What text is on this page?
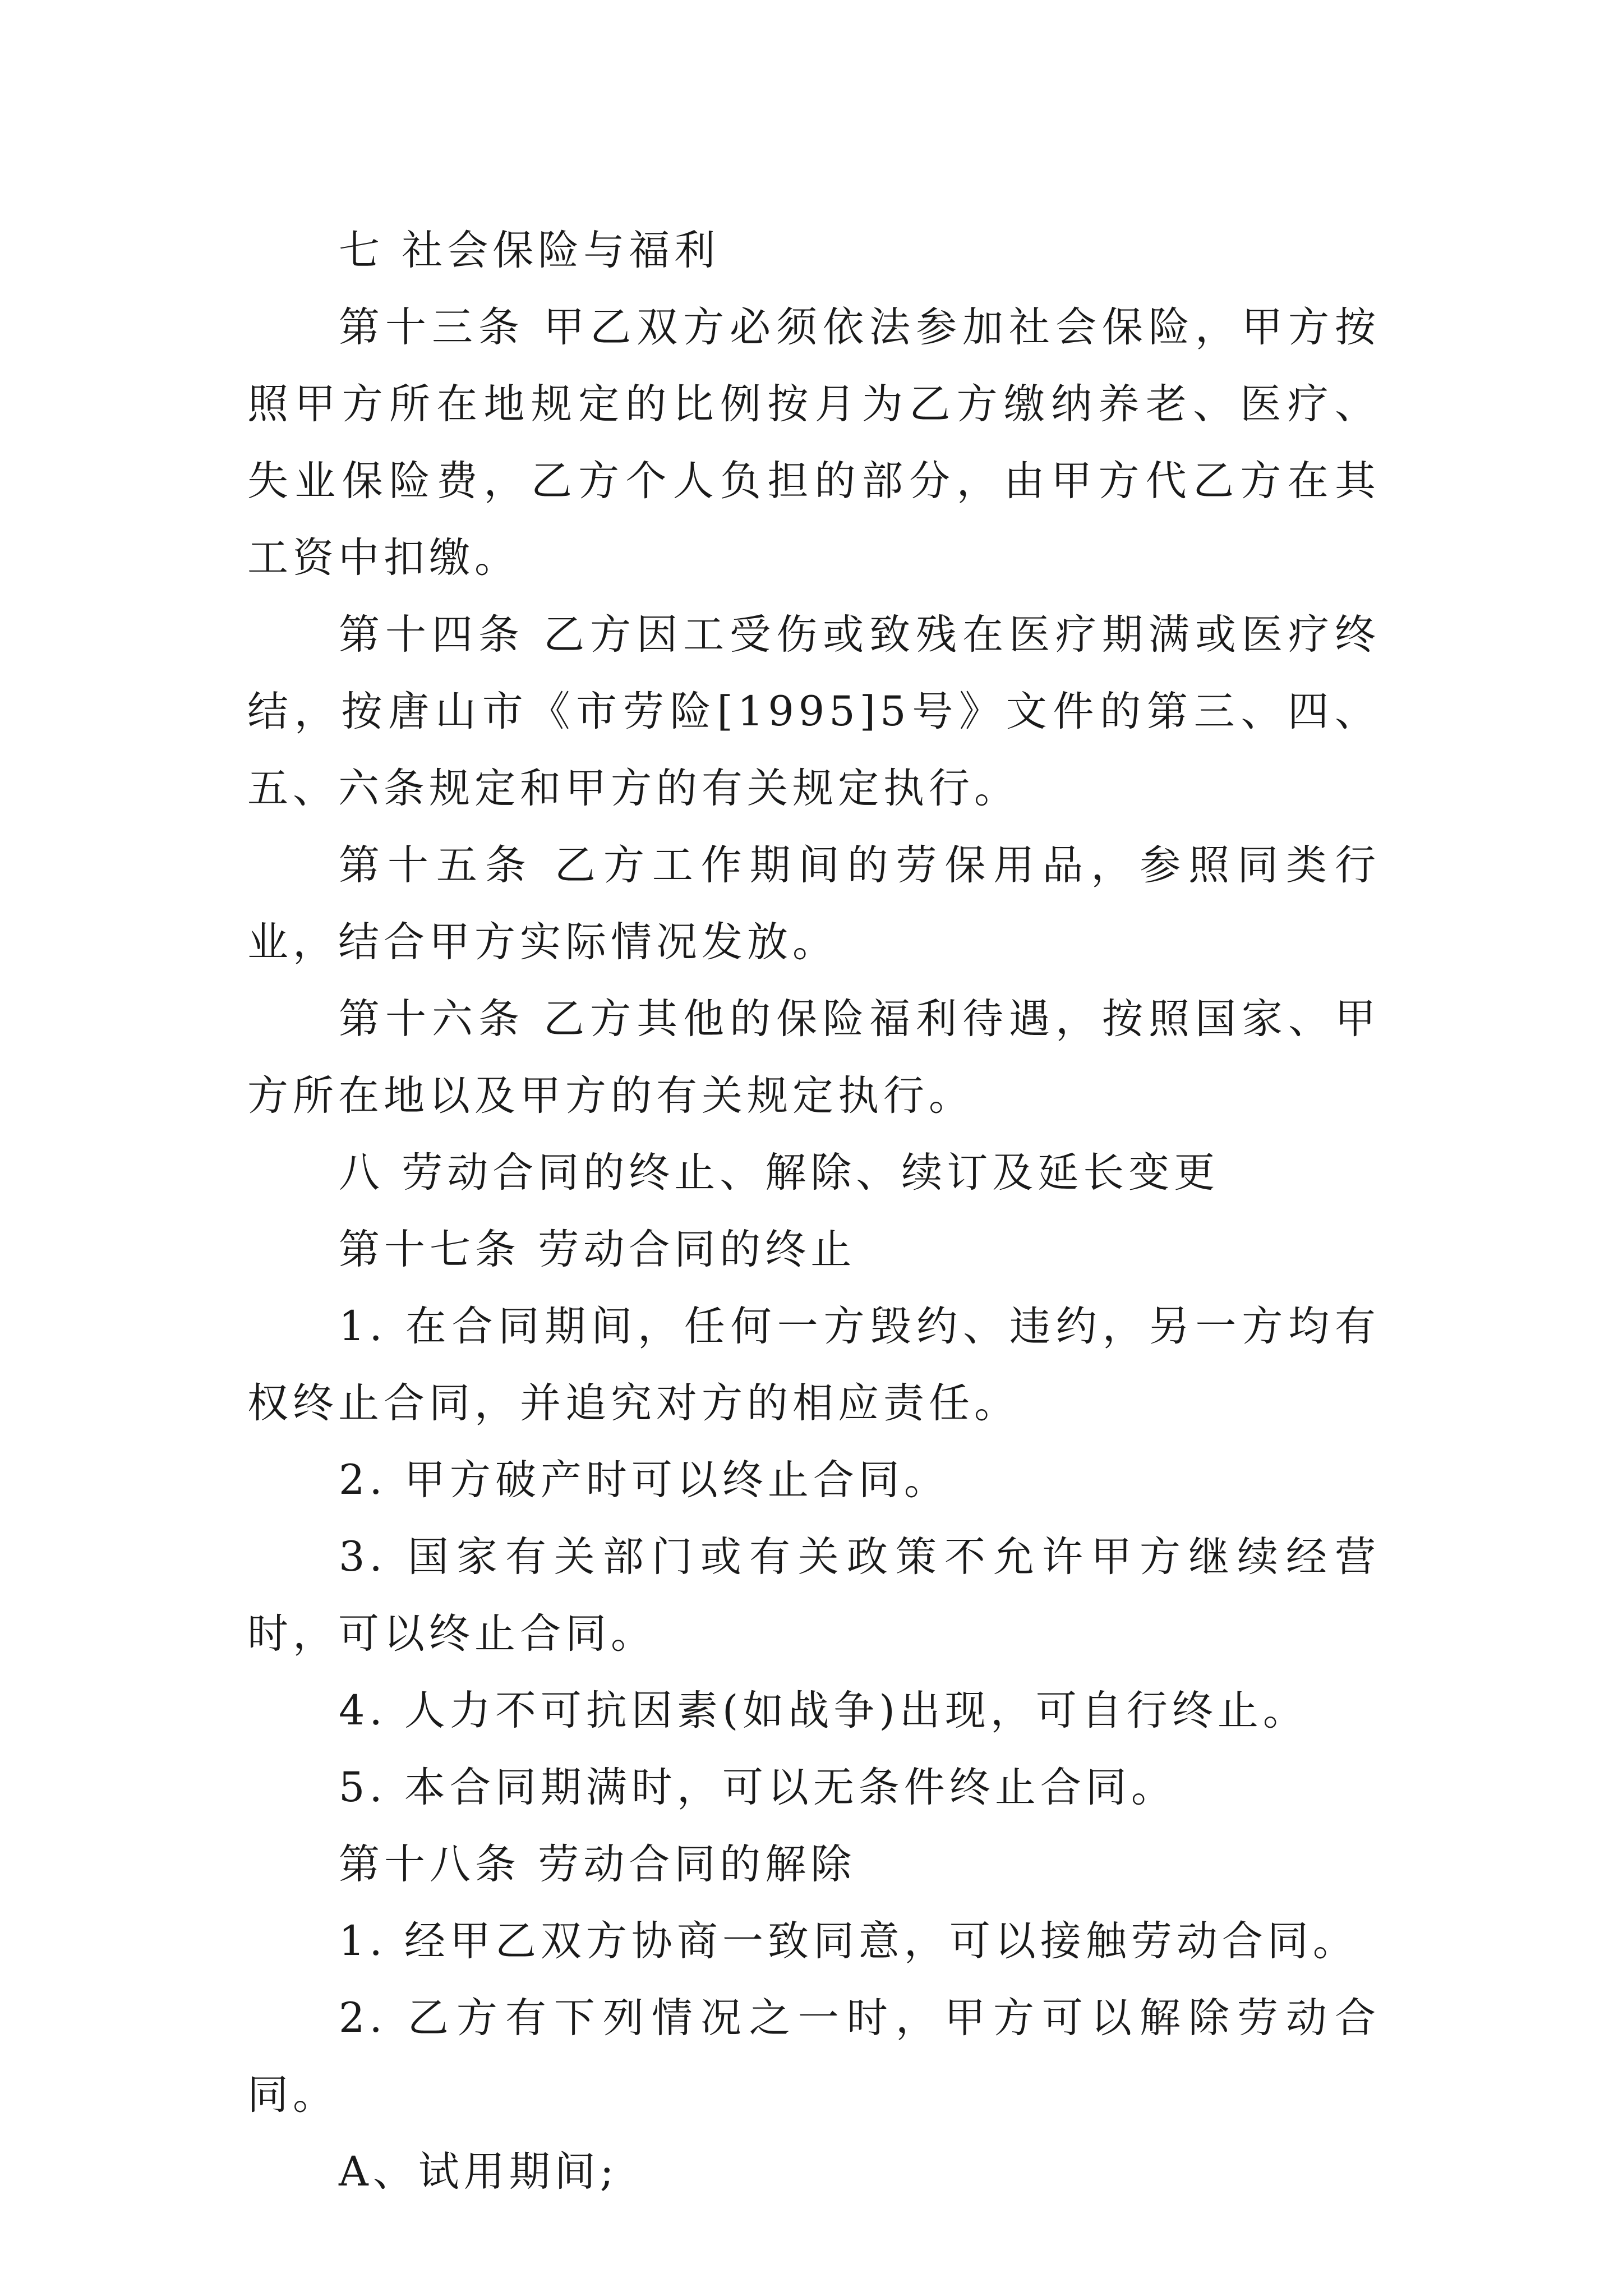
七 社会保险与福利

第十三条 甲乙双方必须依法参加社会保险，甲方按照甲方所在地规定的比例按月为乙方缴纳养老、医疗、失业保险费，乙方个人负担的部分，由甲方代乙方在其工资中扣缴。

第十四条 乙方因工受伤或致残在医疗期满或医疗终结，按唐山市《市劳险[1995]5号》文件的第三、四、五、六条规定和甲方的有关规定执行。

第十五条 乙方工作期间的劳保用品，参照同类行业，结合甲方实际情况发放。

第十六条 乙方其他的保险福利待遇，按照国家、甲方所在地以及甲方的有关规定执行。

八 劳动合同的终止、解除、续订及延长变更

第十七条 劳动合同的终止

1. 在合同期间，任何一方毁约、违约，另一方均有权终止合同，并追究对方的相应责任。

2. 甲方破产时可以终止合同。

3. 国家有关部门或有关政策不允许甲方继续经营时，可以终止合同。

4. 人力不可抗因素(如战争)出现，可自行终止。

5. 本合同期满时，可以无条件终止合同。

第十八条 劳动合同的解除

1. 经甲乙双方协商一致同意，可以接触劳动合同。

2. 乙方有下列情况之一时，甲方可以解除劳动合同。

A、试用期间;
